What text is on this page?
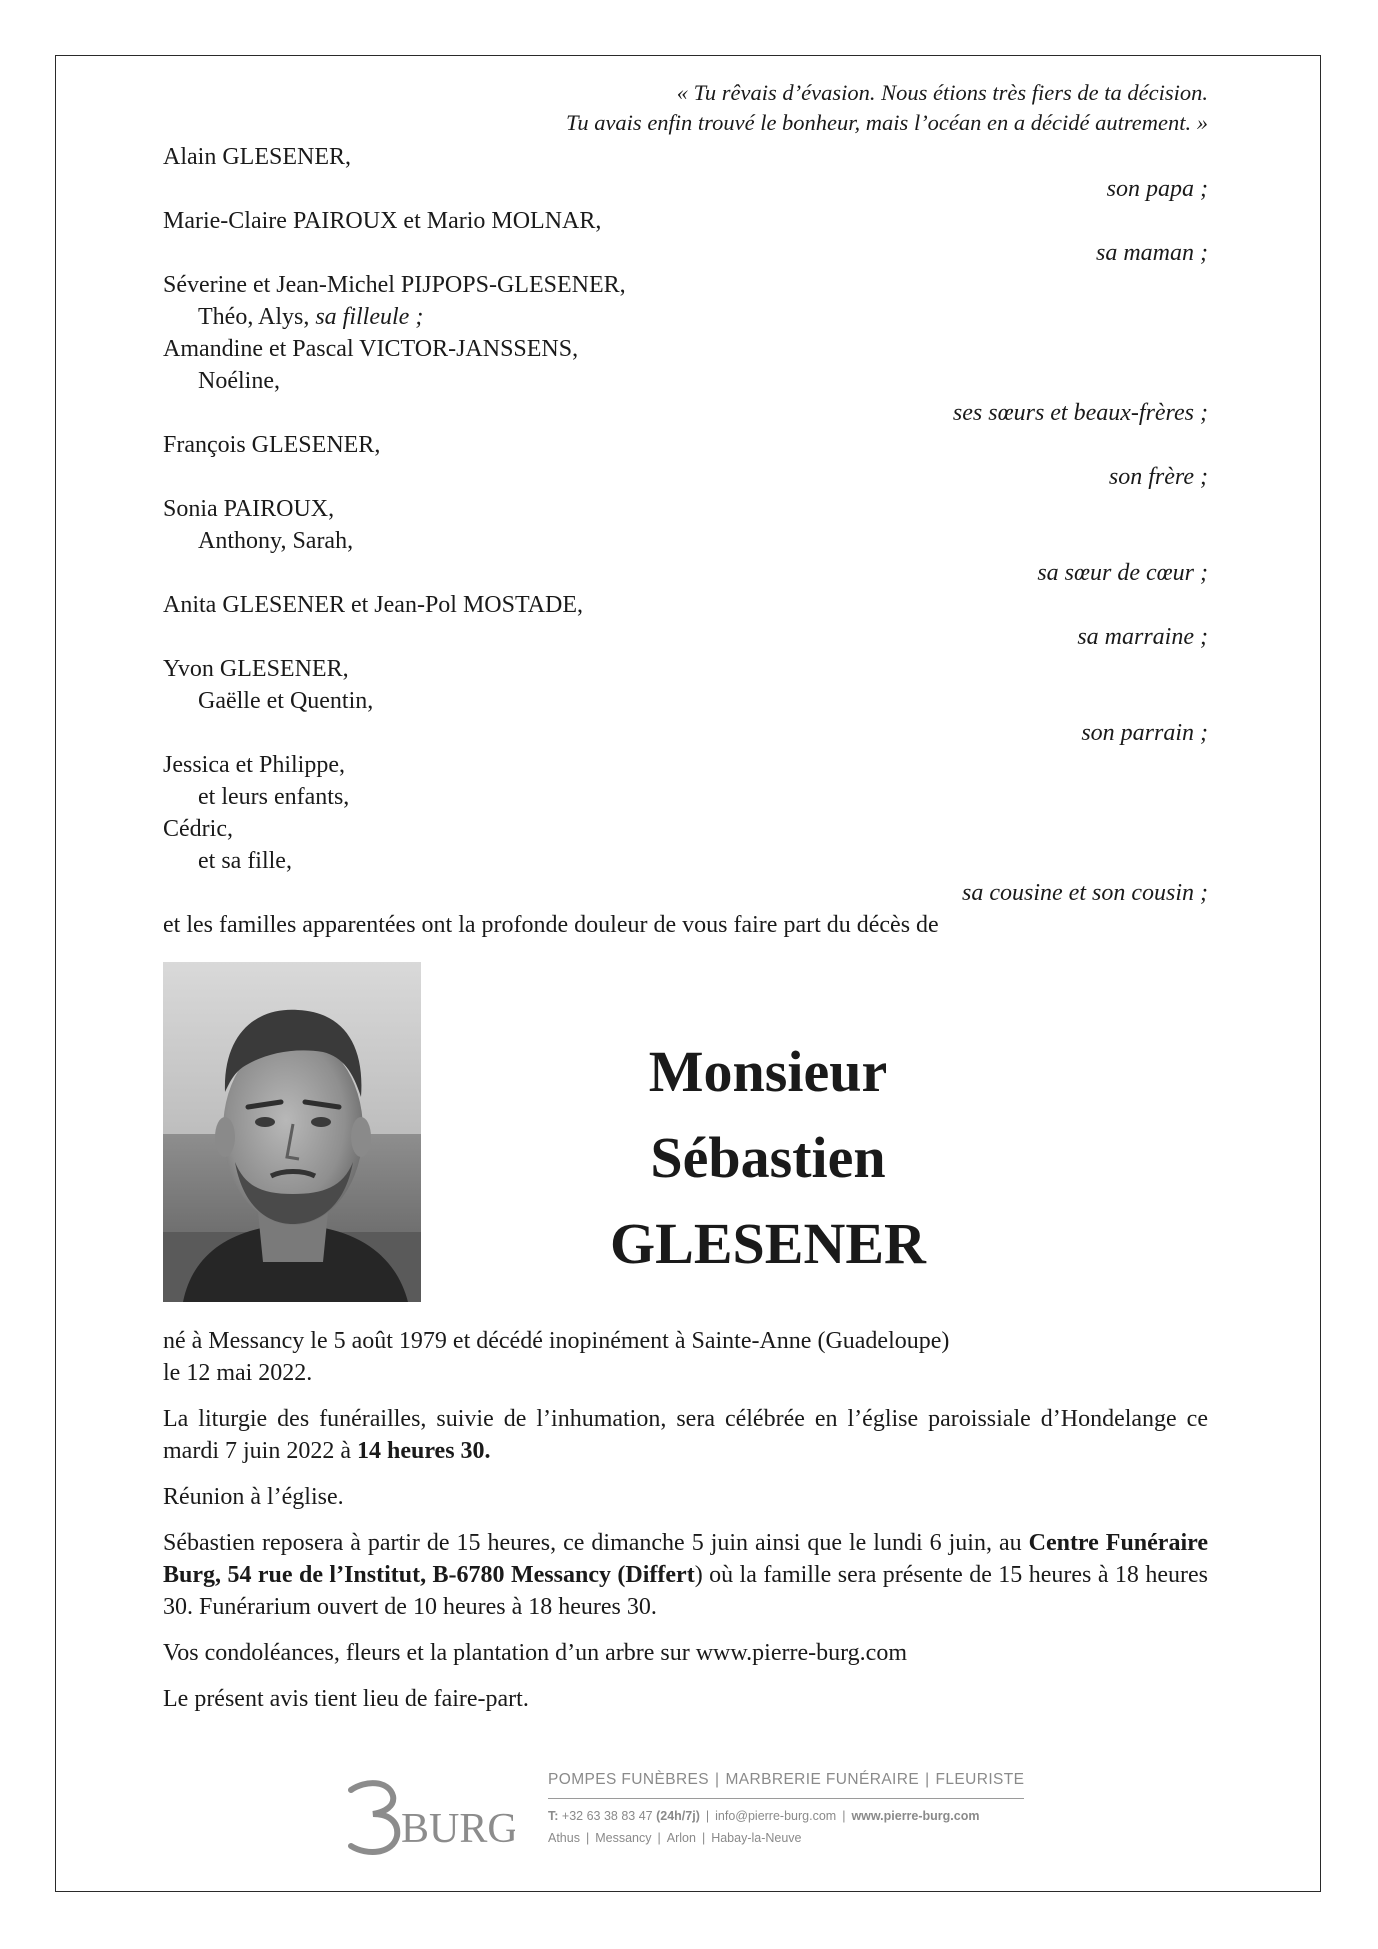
« Tu rêvais d’évasion. Nous étions très fiers de ta décision.
Tu avais enfin trouvé le bonheur, mais l’océan en a décidé autrement. »
Alain GLESENER,
son papa ;
Marie-Claire PAIROUX et Mario MOLNAR,
sa maman ;
Séverine et Jean-Michel PIJPOPS-GLESENER,
Théo, Alys, sa filleule ;
Amandine et Pascal VICTOR-JANSSENS,
Noéline,
ses sœurs et beaux-frères ;
François GLESENER,
son frère ;
Sonia PAIROUX,
Anthony, Sarah,
sa sœur de cœur ;
Anita GLESENER et Jean-Pol MOSTADE,
sa marraine ;
Yvon GLESENER,
Gaëlle et Quentin,
son parrain ;
Jessica et Philippe,
et leurs enfants,
Cédric,
et sa fille,
sa cousine et son cousin ;
et les familles apparentées ont la profonde douleur de vous faire part du décès de
Monsieur
Sébastien GLESENER
né à Messancy le 5 août 1979 et décédé inopinément à Sainte-Anne (Guadeloupe)
le 12 mai 2022.

La liturgie des funérailles, suivie de l’inhumation, sera célébrée en l’église paroissiale d’Hondelange ce mardi 7 juin 2022 à 14 heures 30.

Réunion à l’église.

Sébastien reposera à partir de 15 heures, ce dimanche 5 juin ainsi que le lundi 6 juin, au Centre Funéraire Burg, 54 rue de l’Institut, B-6780 Messancy (Differt) où la famille sera présente de 15 heures à 18 heures 30. Funérarium ouvert de 10 heures à 18 heures 30.

Vos condoléances, fleurs et la plantation d’un arbre sur www.pierre-burg.com
Le présent avis tient lieu de faire-part.
BURG
POMPES FUNÈBRES | MARBRERIE FUNÉRAIRE | FLEURISTE
T: +32 63 38 83 47 (24h/7j) | info@pierre-burg.com | www.pierre-burg.com
Athus | Messancy | Arlon | Habay-la-Neuve
